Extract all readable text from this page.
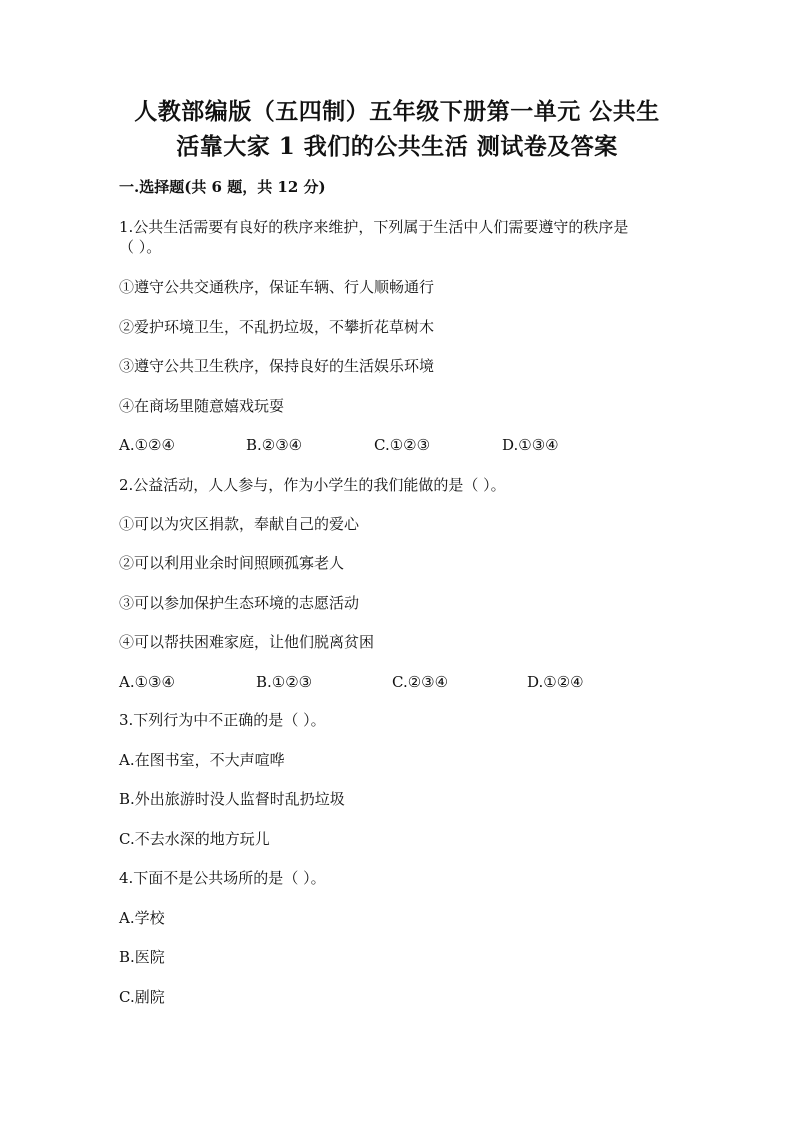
人教部编版（五四制）五年级下册第一单元 公共生
活靠大家 1 我们的公共生活 测试卷及答案
一.选择题(共 6 题，共 12 分)
1.公共生活需要有良好的秩序来维护，下列属于生活中人们需要遵守的秩序是
（ ）。
①遵守公共交通秩序，保证车辆、行人顺畅通行
②爱护环境卫生，不乱扔垃圾，不攀折花草树木
③遵守公共卫生秩序，保持良好的生活娱乐环境
④在商场里随意嬉戏玩耍
A.①②④	B.②③④	C.①②③	D.①③④
2.公益活动，人人参与，作为小学生的我们能做的是（ ）。
①可以为灾区捐款，奉献自己的爱心
②可以利用业余时间照顾孤寡老人
③可以参加保护生态环境的志愿活动
④可以帮扶困难家庭，让他们脱离贫困
A.①③④	B.①②③	C.②③④	D.①②④
3.下列行为中不正确的是（ ）。
A.在图书室，不大声喧哗
B.外出旅游时没人监督时乱扔垃圾
C.不去水深的地方玩儿
4.下面不是公共场所的是（ ）。
A.学校
B.医院
C.剧院
